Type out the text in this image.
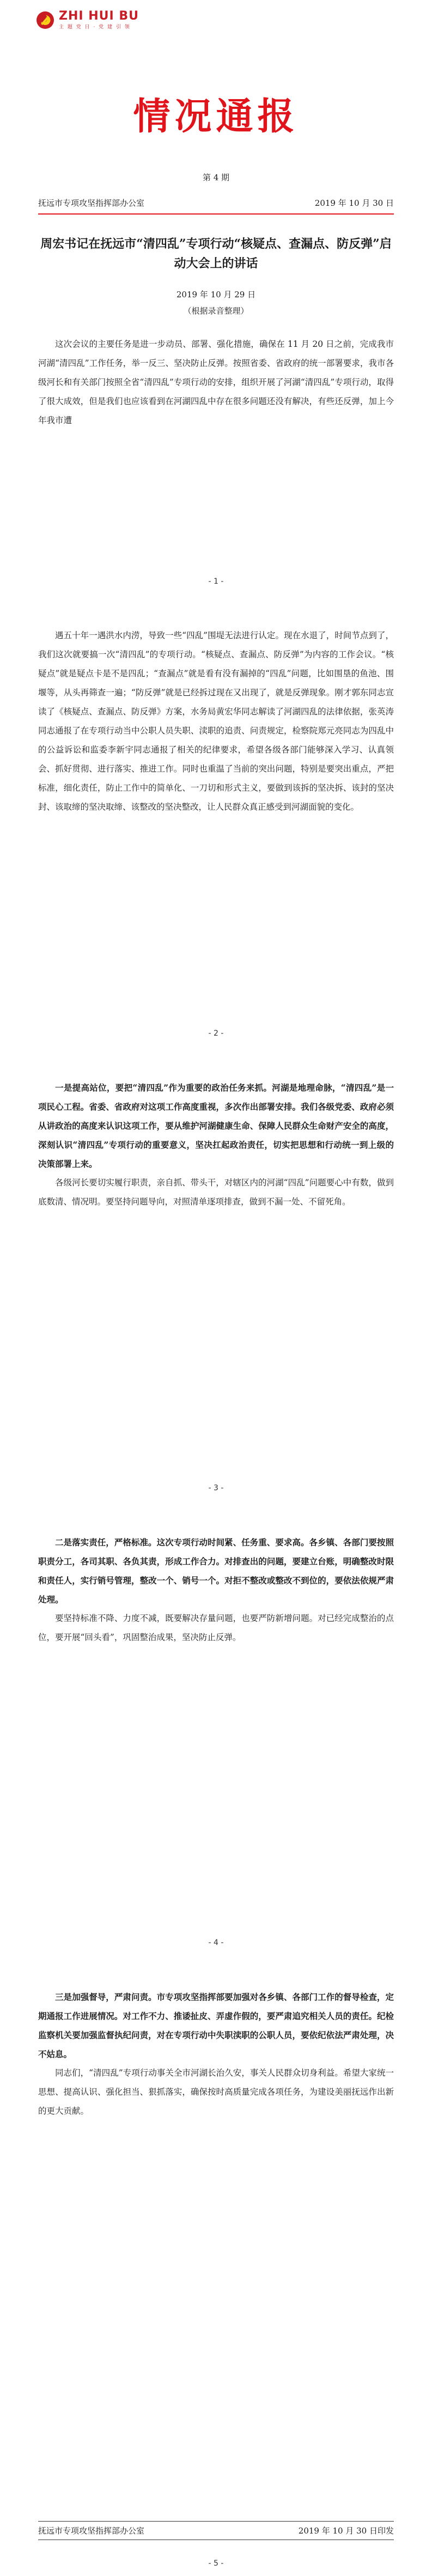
ZHI HUI BU
主 题 党 日 · 党 建 引 领
情况通报
第 4 期
抚远市专项攻坚指挥部办公室	2019 年 10 月 30 日
周宏书记在抚远市“清四乱”专项行动“核疑点、查漏点、防反弹”启动大会上的讲话
2019 年 10 月 29 日
（根据录音整理）

这次会议的主要任务是进一步动员、部署、强化措施，确保在 11 月 20 日之前，完成我市河湖“清四乱”工作任务，举一反三、坚决防止反弹。按照省委、省政府的统一部署要求，我市各级河长和有关部门按照全省“清四乱”专项行动的安排，组织开展了河湖“清四乱”专项行动，取得了很大成效，但是我们也应该看到在河湖四乱中存在很多问题还没有解决，有些还反弹，加上今年我市遭

- 1 -

遇五十年一遇洪水内涝，导致一些“四乱”围堤无法进行认定。现在水退了，时间节点到了，我们这次就要搞一次“清四乱”的专项行动。“核疑点、查漏点、防反弹”为内容的工作会议。“核疑点”就是疑点卡是不是四乱；“查漏点”就是看有没有漏掉的“四乱”问题，比如围垦的鱼池、围堰等，从头再筛查一遍；“防反弹”就是已经拆过现在又出现了，就是反弹现象。刚才郭东同志宣读了《核疑点、查漏点、防反弹》方案，水务局黄宏华同志解读了河湖四乱的法律依据，张英涛同志通报了在专项行动当中公职人员失职、渎职的追责、问责规定，检察院郑元亮同志为四乱中的公益诉讼和监委李新宇同志通报了相关的纪律要求，希望各级各部门能够深入学习、认真领会、抓好贯彻、进行落实、推进工作。同时也重温了当前的突出问题，特别是要突出重点，严把标准，细化责任，防止工作中的简单化、一刀切和形式主义，要做到该拆的坚决拆、该封的坚决封、该取缔的坚决取缔、该整改的坚决整改，让人民群众真正感受到河湖面貌的变化。

- 2 -

一是提高站位，要把“清四乱”作为重要的政治任务来抓。河湖是地理命脉，“清四乱”是一项民心工程。省委、省政府对这项工作高度重视，多次作出部署安排。我们各级党委、政府必须从讲政治的高度来认识这项工作，要从维护河湖健康生命、保障人民群众生命财产安全的高度，深刻认识“清四乱”专项行动的重要意义，坚决扛起政治责任，切实把思想和行动统一到上级的决策部署上来。

各级河长要切实履行职责，亲自抓、带头干，对辖区内的河湖“四乱”问题要心中有数，做到底数清、情况明。要坚持问题导向，对照清单逐项排查，做到不漏一处、不留死角。

- 3 -

二是落实责任，严格标准。这次专项行动时间紧、任务重、要求高。各乡镇、各部门要按照职责分工，各司其职、各负其责，形成工作合力。对排查出的问题，要建立台账，明确整改时限和责任人，实行销号管理，整改一个、销号一个。对拒不整改或整改不到位的，要依法依规严肃处理。

要坚持标准不降、力度不减，既要解决存量问题，也要严防新增问题。对已经完成整治的点位，要开展“回头看”，巩固整治成果，坚决防止反弹。

- 4 -

三是加强督导，严肃问责。市专项攻坚指挥部要加强对各乡镇、各部门工作的督导检查，定期通报工作进展情况。对工作不力、推诿扯皮、弄虚作假的，要严肃追究相关人员的责任。纪检监察机关要加强监督执纪问责，对在专项行动中失职渎职的公职人员，要依纪依法严肃处理，决不姑息。

同志们，“清四乱”专项行动事关全市河湖长治久安，事关人民群众切身利益。希望大家统一思想、提高认识、强化担当、狠抓落实，确保按时高质量完成各项任务，为建设美丽抚远作出新的更大贡献。

抚远市专项攻坚指挥部办公室	2019 年 10 月 30 日印发
- 5 -
